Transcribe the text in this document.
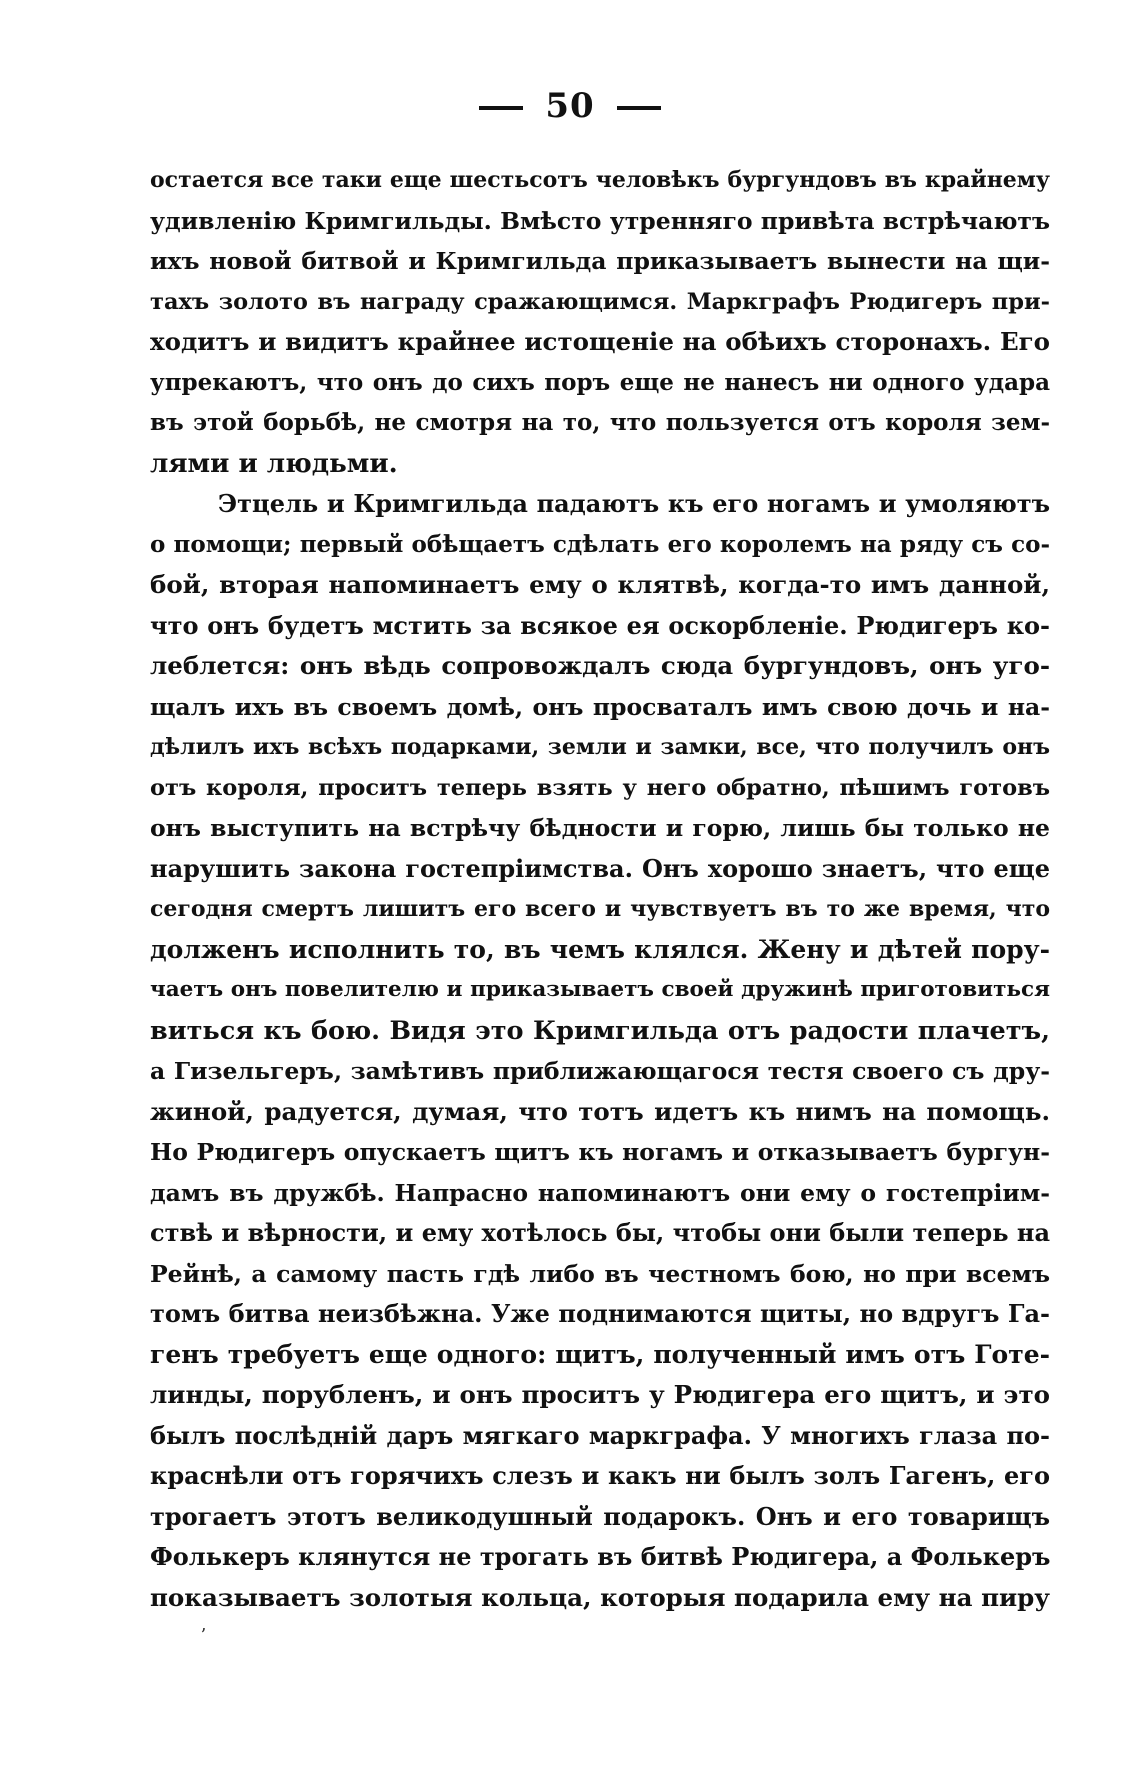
50
остается все таки еще шестьсотъ человѣкъ бургундовъ въ крайнему
удивленію Кримгильды. Вмѣсто утренняго привѣта встрѣчаютъ
ихъ новой битвой и Кримгильда приказываетъ вынести на щи-
тахъ золото въ награду сражающимся. Маркграфъ Рюдигеръ при-
ходитъ и видитъ крайнее истощеніе на обѣихъ сторонахъ. Его
упрекаютъ, что онъ до сихъ поръ еще не нанесъ ни одного удара
въ этой борьбѣ, не смотря на то, что пользуется отъ короля зем-
лями и людьми.
Этцель и Кримгильда падаютъ къ его ногамъ и умоляютъ
о помощи; первый обѣщаетъ сдѣлать его королемъ на ряду съ со-
бой, вторая напоминаетъ ему о клятвѣ, когда-то имъ данной,
что онъ будетъ мстить за всякое ея оскорбленіе. Рюдигеръ ко-
леблется: онъ вѣдь сопровождалъ сюда бургундовъ, онъ уго-
щалъ ихъ въ своемъ домѣ, онъ просваталъ имъ свою дочь и на-
дѣлилъ ихъ всѣхъ подарками, земли и замки, все, что получилъ онъ
отъ короля, проситъ теперь взять у него обратно, пѣшимъ готовъ
онъ выступить на встрѣчу бѣдности и горю, лишь бы только не
нарушить закона гостепріимства. Онъ хорошо знаетъ, что еще
сегодня смертъ лишитъ его всего и чувствуетъ въ то же время, что
долженъ исполнить то, въ чемъ клялся. Жену и дѣтей пору-
чаетъ онъ повелителю и приказываетъ своей дружинѣ приготовиться
виться къ бою. Видя это Кримгильда отъ радости плачетъ,
а Гизельгеръ, замѣтивъ приближающагося тестя своего съ дру-
жиной, радуется, думая, что тотъ идетъ къ нимъ на помощь.
Но Рюдигеръ опускаетъ щитъ къ ногамъ и отказываетъ бургун-
дамъ въ дружбѣ. Напрасно напоминаютъ они ему о гостепріим-
ствѣ и вѣрности, и ему хотѣлось бы, чтобы они были теперь на
Рейнѣ, а самому пасть гдѣ либо въ честномъ бою, но при всемъ
томъ битва неизбѣжна. Уже поднимаются щиты, но вдругъ Га-
генъ требуетъ еще одного: щитъ, полученный имъ отъ Готе-
линды, порубленъ, и онъ проситъ у Рюдигера его щитъ, и это
былъ послѣдній даръ мягкаго маркграфа. У многихъ глаза по-
краснѣли отъ горячихъ слезъ и какъ ни былъ золъ Гагенъ, его
трогаетъ этотъ великодушный подарокъ. Онъ и его товарищъ
Фолькеръ клянутся не трогать въ битвѣ Рюдигера, а Фолькеръ
показываетъ золотыя кольца, которыя подарила ему на пиру
ʼ
